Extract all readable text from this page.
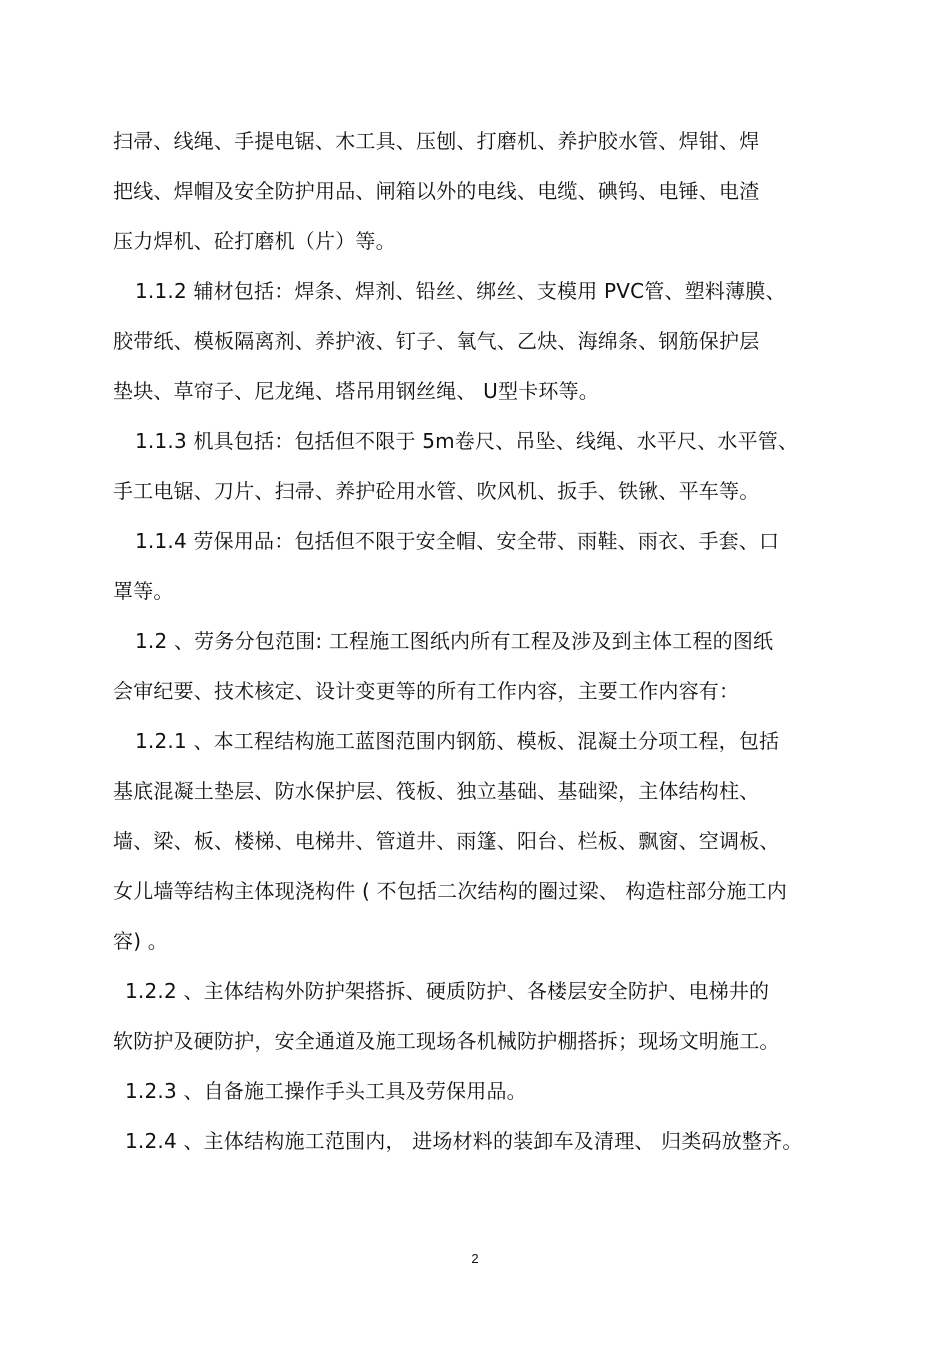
扫帚、线绳、手提电锯、木工具、压刨、打磨机、养护胶水管、焊钳、焊
把线、焊帽及安全防护用品、闸箱以外的电线、电缆、碘钨、电锤、电渣
压力焊机、砼打磨机（片）等。
1.1.2 辅材包括：焊条、焊剂、铅丝、绑丝、支模用 PVC管、塑料薄膜、
胶带纸、模板隔离剂、养护液、钉子、氧气、乙炔、海绵条、钢筋保护层
垫块、草帘子、尼龙绳、塔吊用钢丝绳、 U型卡环等。
1.1.3 机具包括：包括但不限于 5m卷尺、吊坠、线绳、水平尺、水平管、
手工电锯、刀片、扫帚、养护砼用水管、吹风机、扳手、铁锹、平车等。
1.1.4 劳保用品：包括但不限于安全帽、安全带、雨鞋、雨衣、手套、口
罩等。
1.2 、劳务分包范围: 工程施工图纸内所有工程及涉及到主体工程的图纸
会审纪要、技术核定、设计变更等的所有工作内容，主要工作内容有：
1.2.1 、本工程结构施工蓝图范围内钢筋、模板、混凝土分项工程，包括
基底混凝土垫层、防水保护层、筏板、独立基础、基础梁，主体结构柱、
墙、梁、板、楼梯、电梯井、管道井、雨篷、阳台、栏板、飘窗、空调板、
女儿墙等结构主体现浇构件 ( 不包括二次结构的圈过梁、 构造柱部分施工内
容) 。
1.2.2 、主体结构外防护架搭拆、硬质防护、各楼层安全防护、电梯井的
软防护及硬防护，安全通道及施工现场各机械防护棚搭拆；现场文明施工。
1.2.3 、自备施工操作手头工具及劳保用品。
1.2.4 、主体结构施工范围内， 进场材料的装卸车及清理、 归类码放整齐。
2
